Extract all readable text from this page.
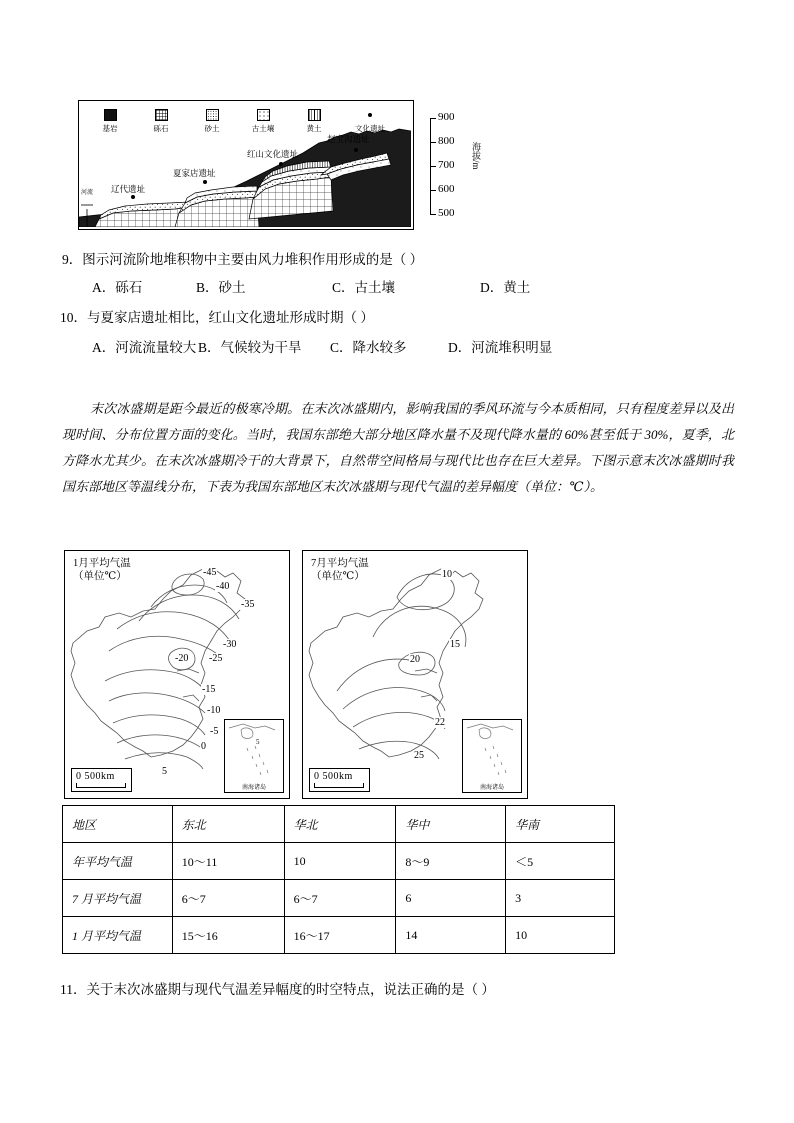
基岩	砾石	砂土	古土壤	黄土	文化遗址
辽代遗址
夏家店遗址
红山文化遗址
赵宝沟遗址
河流
900
800
700
600
500
海拔/m
9．图示河流阶地堆积物中主要由风力堆积作用形成的是（ ）
A．砾石	B．砂土	C．古土壤	D．黄土
10．与夏家店遗址相比，红山文化遗址形成时期（ ）
A．河流流量较大 B．气候较为干旱 C．降水较多	D．河流堆积明显
末次冰盛期是距今最近的极寒冷期。在末次冰盛期内，影响我国的季风环流与今本质相同，只有程度差异以及出现时间、分布位置方面的变化。当时，我国东部绝大部分地区降水量不及现代降水量的 60%甚至低于 30%，夏季，北方降水尤其少。在末次冰盛期冷干的大背景下，自然带空间格局与现代比也存在巨大差异。下图示意末次冰盛期时我国东部地区等温线分布，下表为我国东部地区末次冰盛期与现代气温的差异幅度（单位：℃）。
1月平均气温
（单位℃）	-45
-40
-35
-30
-25
-20
-15
-10
-5
0
5
南海诸岛
5
0 500km
7月平均气温
（单位℃）	10
15
20
22
25
南海诸岛
0 500km
地区	东北	华北	华中	华南
年平均气温	10～11	10	8～9	＜5
7 月平均气温	6～7	6～7	6	3
1 月平均气温	15～16	16～17	14	10
11．关于末次冰盛期与现代气温差异幅度的时空特点，说法正确的是（ ）
